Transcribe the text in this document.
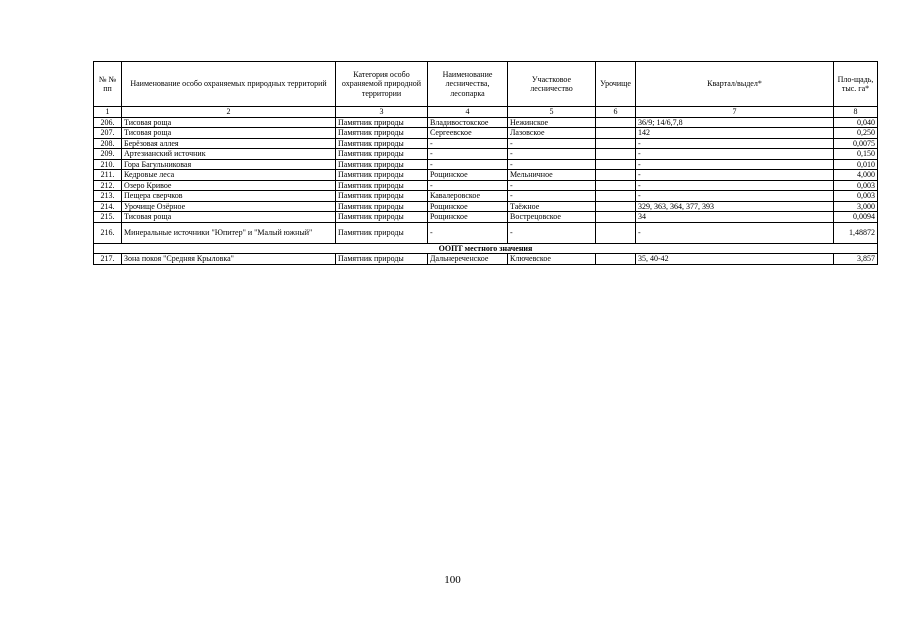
№ № пп	Наименование особо охраняемых природных территорий	Категория особо охраняемой природной территории	Наименование лесничества, лесопарка	Участковое лесничество	Урочище	Квартал/выдел*	Пло-щадь, тыс. га*
1	2	3	4	5	6	7	8
206.	Тисовая роща	Памятник природы	Владивостокское	Нежинское		36/9; 14/6,7,8	0,040
207.	Тисовая роща	Памятник природы	Сергеевское	Лазовское		142	0,250
208.	Берёзовая аллея	Памятник природы	-	-		-	0,0075
209.	Артезианский источник	Памятник природы	-	-		-	0,150
210.	Гора Багульниковая	Памятник природы	-	-		-	0,010
211.	Кедровые леса	Памятник природы	Рощинское	Мельничное		-	4,000
212.	Озеро Кривое	Памятник природы	-	-		-	0,003
213.	Пещера сверчков	Памятник природы	Кавалеровское	-		-	0,003
214.	Урочище Озёрное	Памятник природы	Рощинское	Таёжное		329, 363, 364, 377, 393	3,000
215.	Тисовая роща	Памятник природы	Рощинское	Вострецовское		34	0,0094
216.	Минеральные источники "Юпитер" и "Малый южный"	Памятник природы	-	-		-	1,48872
ООПТ местного значения							
217.	Зона покоя "Средняя Крыловка"	Памятник природы	Дальнереченское	Ключевское		35, 40-42	3,857
100
